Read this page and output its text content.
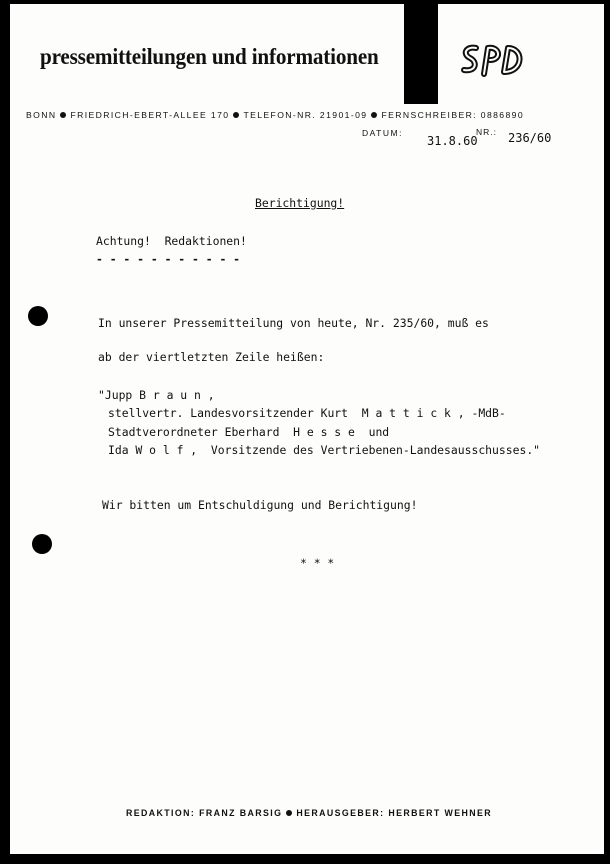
pressemitteilungen und informationen
BONN FRIEDRICH-EBERT-ALLEE 170 TELEFON-NR. 21901-09 FERNSCHREIBER: 0886890
DATUM:
31.8.60
NR.: 236/60
Berichtigung!
Achtung!  Redaktionen!
- - - - - - - - - - -
In unserer Pressemitteilung von heute, Nr. 235/60, muß es
ab der viertletzten Zeile heißen:
"Jupp B r a u n ,
stellvertr. Landesvorsitzender Kurt  M a t t i c k , -MdB-
Stadtverordneter Eberhard  H e s s e  und
Ida W o l f ,  Vorsitzende des Vertriebenen-Landesausschusses."
Wir bitten um Entschuldigung und Berichtigung!
* * *
REDAKTION: FRANZ BARSIG HERAUSGEBER: HERBERT WEHNER
